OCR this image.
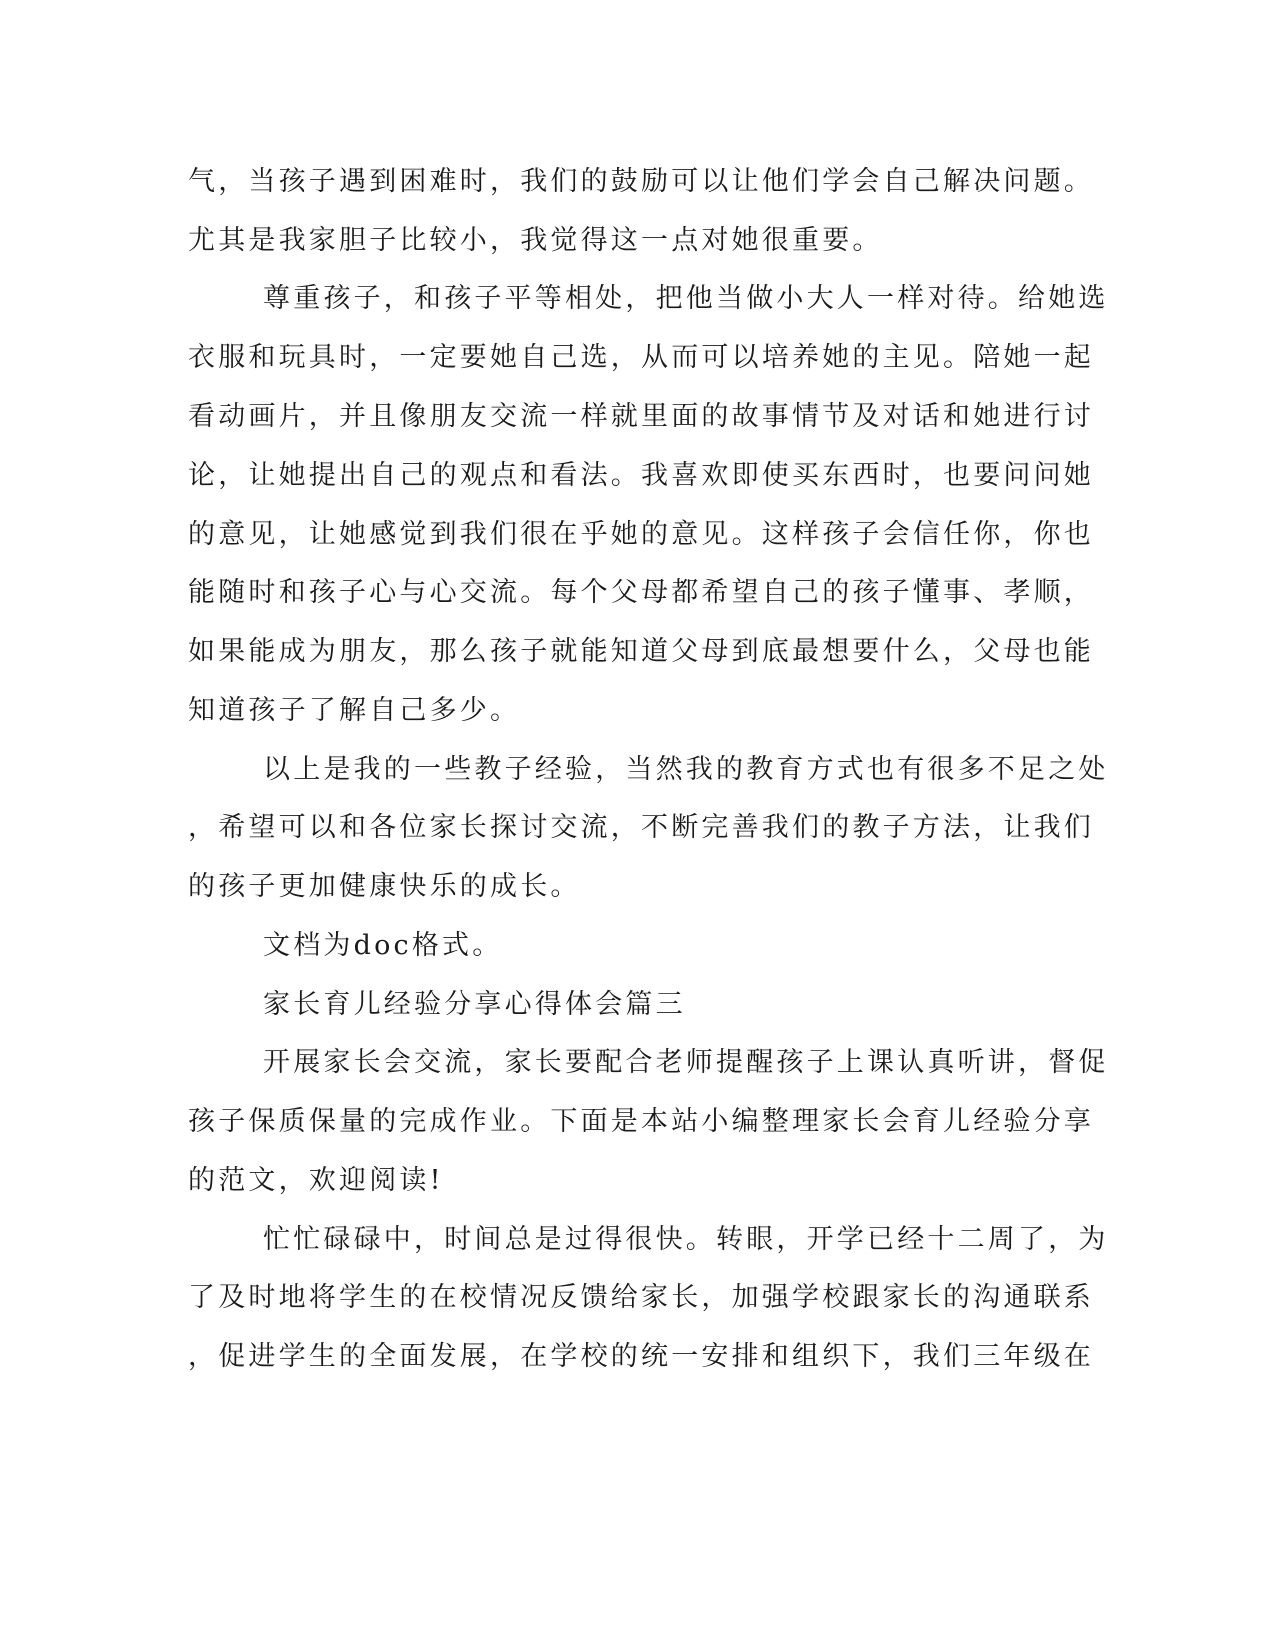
气，当孩子遇到困难时，我们的鼓励可以让他们学会自己解决问题。
尤其是我家胆子比较小，我觉得这一点对她很重要。
尊重孩子，和孩子平等相处，把他当做小大人一样对待。给她选
衣服和玩具时，一定要她自己选，从而可以培养她的主见。陪她一起
看动画片，并且像朋友交流一样就里面的故事情节及对话和她进行讨
论，让她提出自己的观点和看法。我喜欢即使买东西时，也要问问她
的意见，让她感觉到我们很在乎她的意见。这样孩子会信任你，你也
能随时和孩子心与心交流。每个父母都希望自己的孩子懂事、孝顺，
如果能成为朋友，那么孩子就能知道父母到底最想要什么，父母也能
知道孩子了解自己多少。
以上是我的一些教子经验，当然我的教育方式也有很多不足之处
，希望可以和各位家长探讨交流，不断完善我们的教子方法，让我们
的孩子更加健康快乐的成长。
文档为doc格式。
家长育儿经验分享心得体会篇三
开展家长会交流，家长要配合老师提醒孩子上课认真听讲，督促
孩子保质保量的完成作业。下面是本站小编整理家长会育儿经验分享
的范文，欢迎阅读!
忙忙碌碌中，时间总是过得很快。转眼，开学已经十二周了，为
了及时地将学生的在校情况反馈给家长，加强学校跟家长的沟通联系
，促进学生的全面发展，在学校的统一安排和组织下，我们三年级在
